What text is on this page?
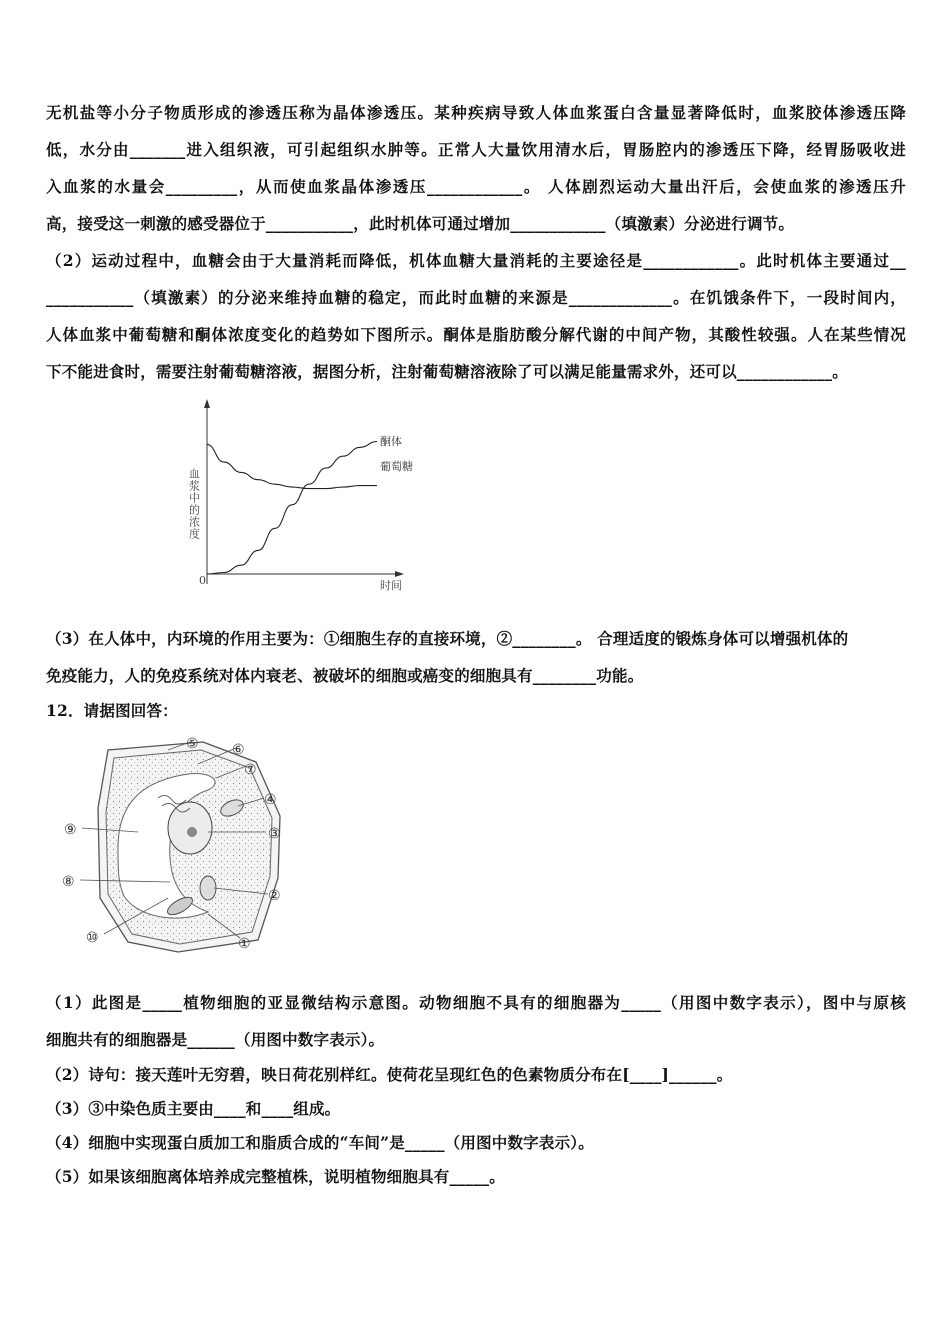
无机盐等小分子物质形成的渗透压称为晶体渗透压。某种疾病导致人体血浆蛋白含量显著降低时，血浆胶体渗透压降
低，水分由_______进入组织液，可引起组织水肿等。正常人大量饮用清水后，胃肠腔内的渗透压下降，经胃肠吸收进
入血浆的水量会_________，从而使血浆晶体渗透压____________。 人体剧烈运动大量出汗后，会使血浆的渗透压升
高，接受这一刺激的感受器位于___________，此时机体可通过增加____________（填激素）分泌进行调节。
（2）运动过程中，血糖会由于大量消耗而降低，机体血糖大量消耗的主要途径是____________。此时机体主要通过__
___________（填激素）的分泌来维持血糖的稳定，而此时血糖的来源是_____________。在饥饿条件下，一段时间内，
人体血浆中葡萄糖和酮体浓度变化的趋势如下图所示。酮体是脂肪酸分解代谢的中间产物，其酸性较强。人在某些情况
下不能进食时，需要注射葡萄糖溶液，据图分析，注射葡萄糖溶液除了可以满足能量需求外，还可以____________。
血浆中的浓度
时间
0
酮体
葡萄糖
（3）在人体中，内环境的作用主要为：①细胞生存的直接环境，②________。 合理适度的锻炼身体可以增强机体的
免疫能力，人的免疫系统对体内衰老、被破坏的细胞或癌变的细胞具有________功能。
12．请据图回答：
⑤ ⑥
⑦
④
③
②
①
⑨
⑧
⑩
（1）此图是_____植物细胞的亚显微结构示意图。动物细胞不具有的细胞器为_____（用图中数字表示），图中与原核
细胞共有的细胞器是______（用图中数字表示）。
（2）诗句：接天莲叶无穷碧，映日荷花别样红。使荷花呈现红色的色素物质分布在[____]______。
（3）③中染色质主要由____和____组成。
（4）细胞中实现蛋白质加工和脂质合成的“车间”是_____（用图中数字表示）。
（5）如果该细胞离体培养成完整植株，说明植物细胞具有_____。
